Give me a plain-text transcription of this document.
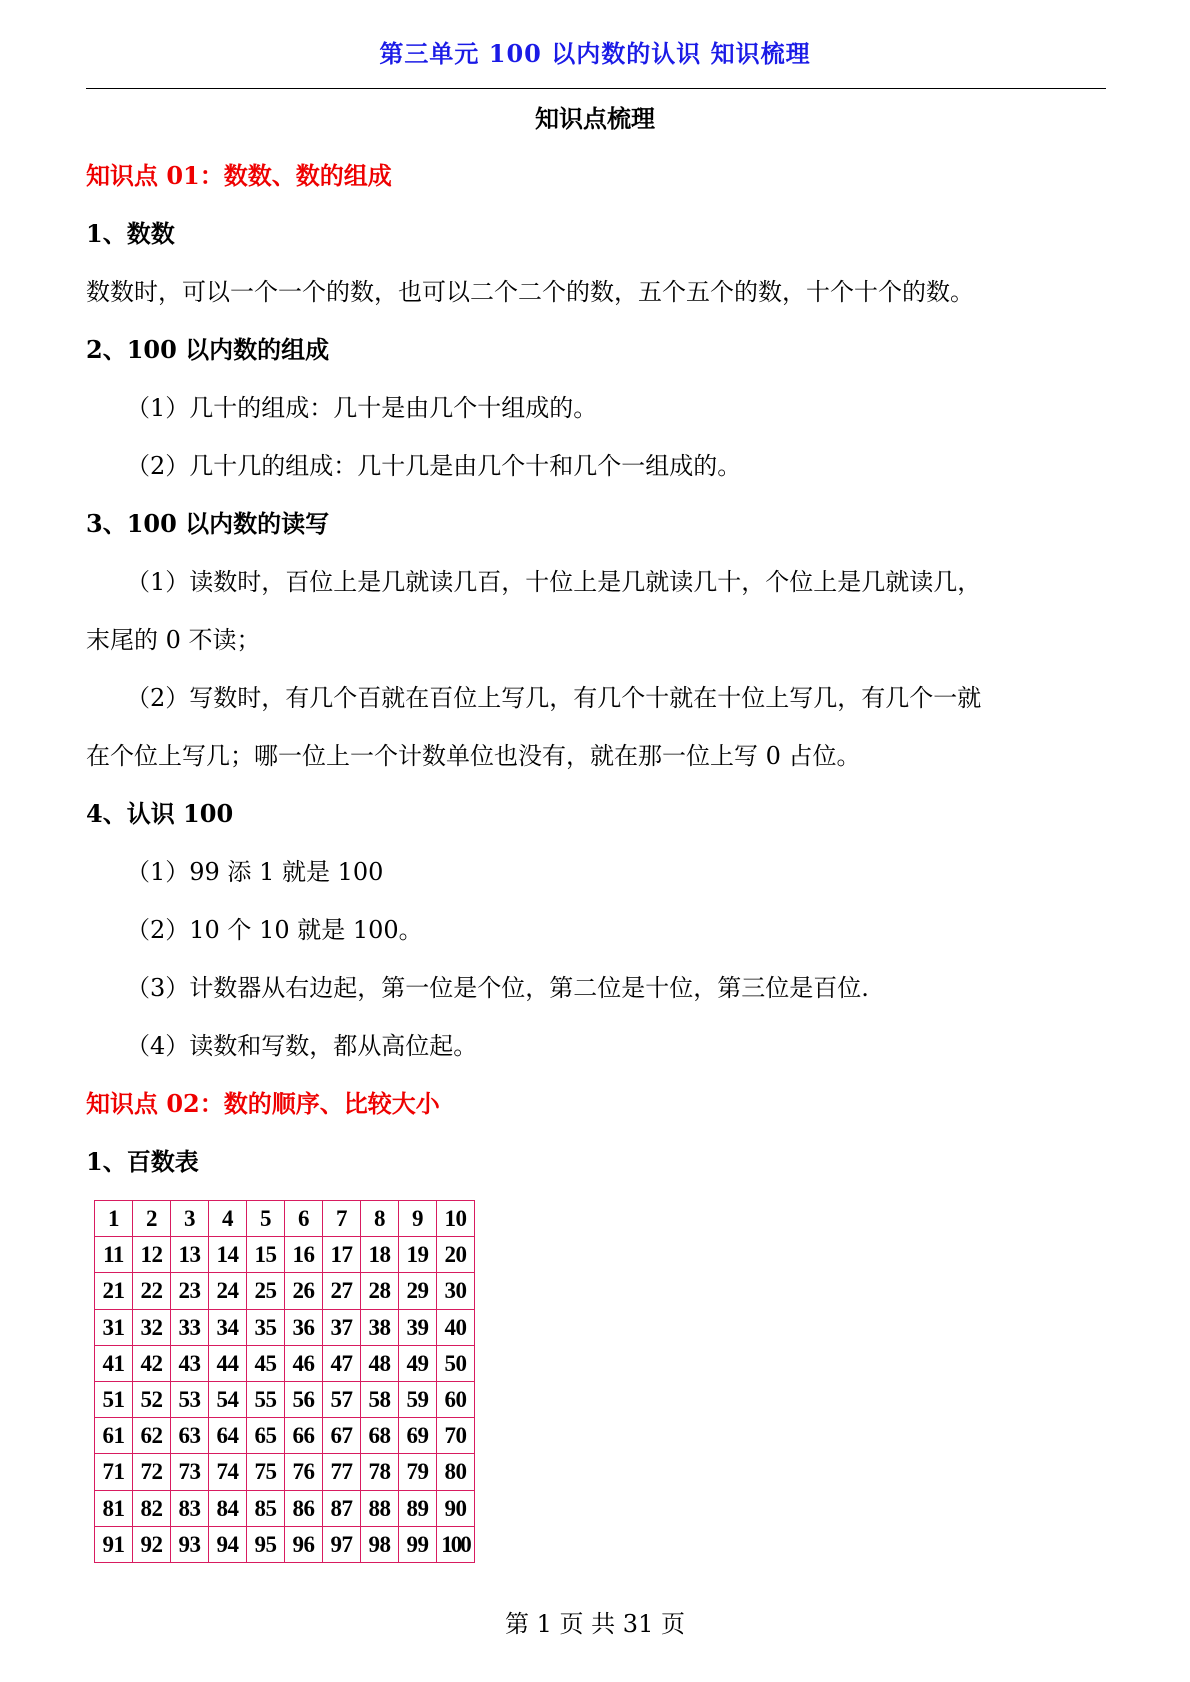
第三单元 100 以内数的认识 知识梳理
知识点梳理
知识点 01：数数、数的组成
1、数数
数数时，可以一个一个的数，也可以二个二个的数，五个五个的数，十个十个的数。
2、100 以内数的组成
（1）几十的组成：几十是由几个十组成的。
（2）几十几的组成：几十几是由几个十和几个一组成的。
3、100 以内数的读写
（1）读数时，百位上是几就读几百，十位上是几就读几十，个位上是几就读几，
末尾的 0 不读；
（2）写数时，有几个百就在百位上写几，有几个十就在十位上写几，有几个一就
在个位上写几；哪一位上一个计数单位也没有，就在那一位上写 0 占位。
4、认识 100
（1）99 添 1 就是 100
（2）10 个 10 就是 100。
（3）计数器从右边起，第一位是个位，第二位是十位，第三位是百位.
（4）读数和写数，都从高位起。
知识点 02：数的顺序、比较大小
1、百数表
1	2	3	4	5	6	7	8	9	10
11	12	13	14	15	16	17	18	19	20
21	22	23	24	25	26	27	28	29	30
31	32	33	34	35	36	37	38	39	40
41	42	43	44	45	46	47	48	49	50
51	52	53	54	55	56	57	58	59	60
61	62	63	64	65	66	67	68	69	70
71	72	73	74	75	76	77	78	79	80
81	82	83	84	85	86	87	88	89	90
91	92	93	94	95	96	97	98	99	100
第 1 页 共 31 页
